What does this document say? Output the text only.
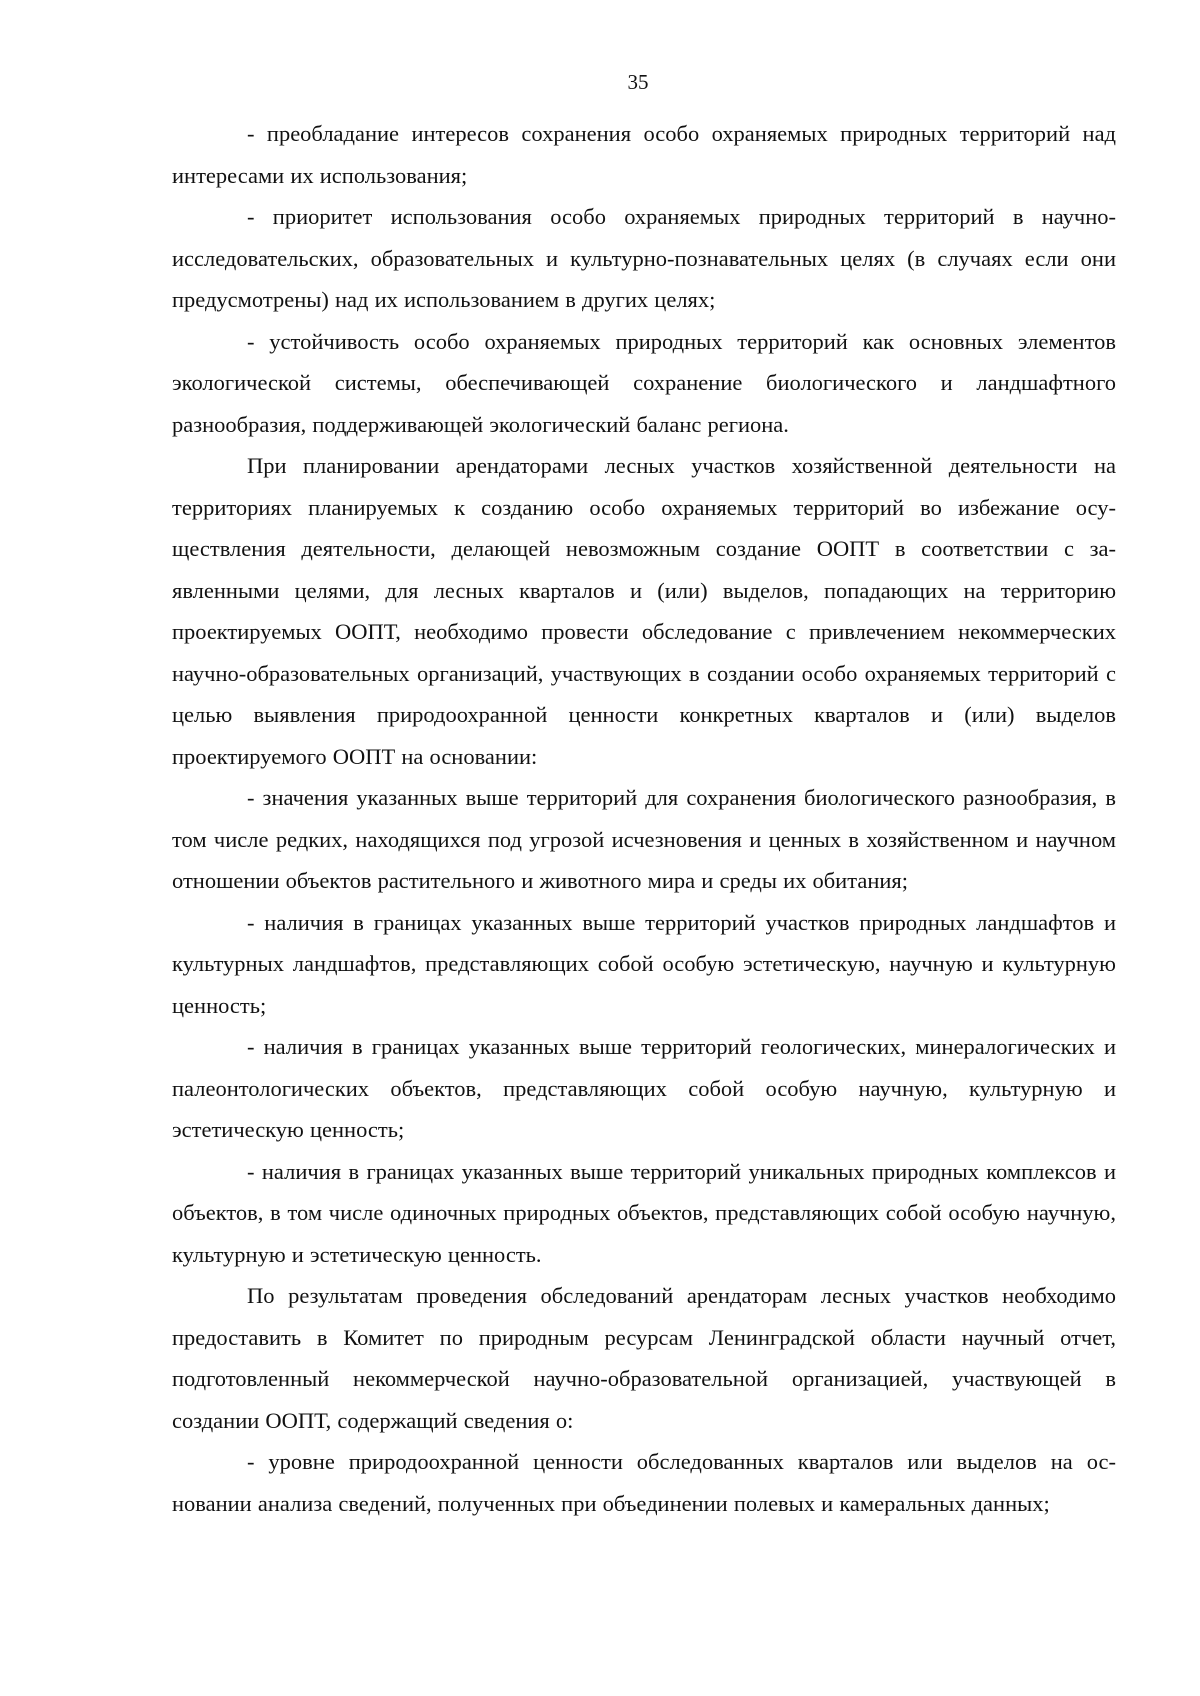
35

- преобладание интересов сохранения особо охраняемых природных территорий над интересами их использования;

- приоритет использования особо охраняемых природных территорий в научно-исследовательских, образовательных и культурно-познавательных целях (в случаях если они предусмотрены) над их использованием в других целях;

- устойчивость особо охраняемых природных территорий как основных элементов экологической системы, обеспечивающей сохранение биологического и ландшафтного разнообразия, поддерживающей экологический баланс региона.

При планировании арендаторами лесных участков хозяйственной деятельности на территориях планируемых к созданию особо охраняемых территорий во избежание осуществления деятельности, делающей невозможным создание ООПТ в соответствии с заявленными целями, для лесных кварталов и (или) выделов, попадающих на территорию проектируемых ООПТ, необходимо провести обследование с привлечением некоммерческих научно-образовательных организаций, участвующих в создании особо охраняемых территорий с целью выявления природоохранной ценности конкретных кварталов и (или) выделов проектируемого ООПТ на основании:

- значения указанных выше территорий для сохранения биологического разнообразия, в том числе редких, находящихся под угрозой исчезновения и ценных в хозяйственном и научном отношении объектов растительного и животного мира и среды их обитания;

- наличия в границах указанных выше территорий участков природных ландшафтов и культурных ландшафтов, представляющих собой особую эстетическую, научную и культурную ценность;

- наличия в границах указанных выше территорий геологических, минералогических и палеонтологических объектов, представляющих собой особую научную, культурную и эстетическую ценность;

- наличия в границах указанных выше территорий уникальных природных комплексов и объектов, в том числе одиночных природных объектов, представляющих собой особую научную, культурную и эстетическую ценность.

По результатам проведения обследований арендаторам лесных участков необходимо предоставить в Комитет по природным ресурсам Ленинградской области научный отчет, подготовленный некоммерческой научно-образовательной организацией, участвующей в создании ООПТ, содержащий сведения о:

- уровне природоохранной ценности обследованных кварталов или выделов на основании анализа сведений, полученных при объединении полевых и камеральных данных;
